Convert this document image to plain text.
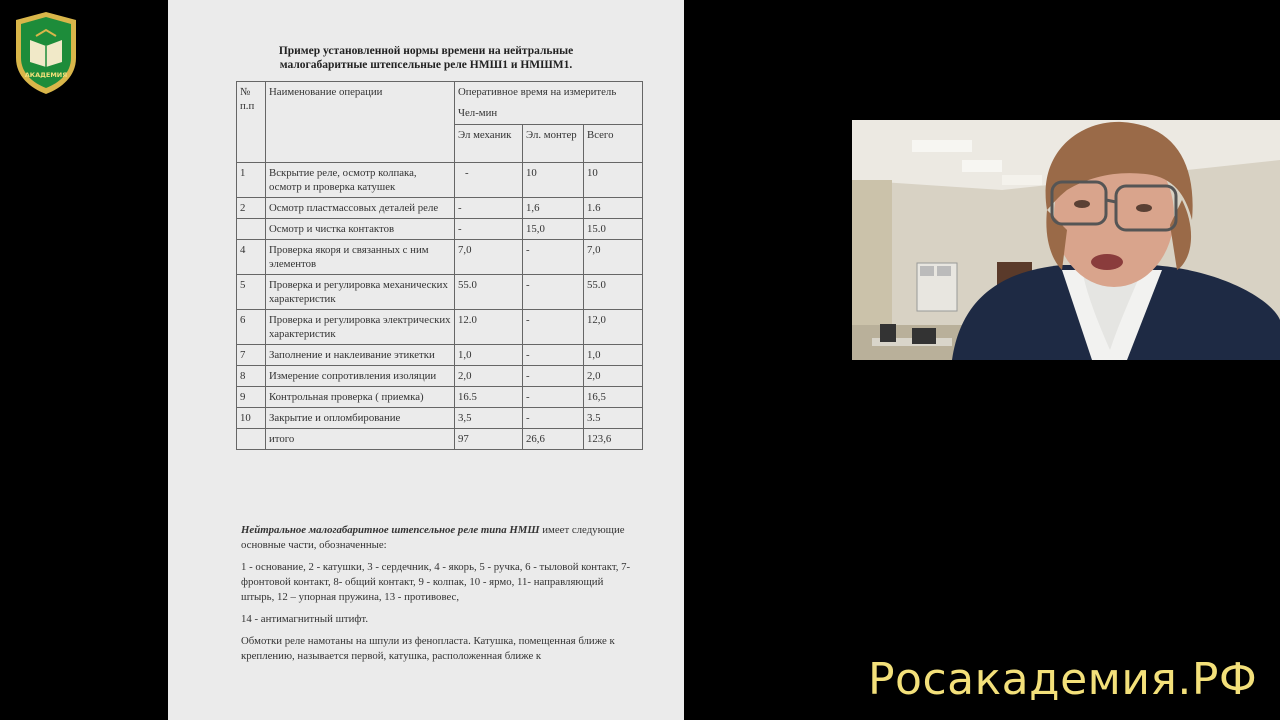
АКАДЕМИЯ
Пример установленной нормы времени на нейтральные
малогабаритные штепсельные реле НМШ1 и НМШМ1.
№ п.п	Наименование операции	Оперативное время на измеритель
Чел-мин		

		Эл механик	Эл. монтер	Всего
1	Вскрытие реле, осмотр колпака, осмотр и проверка катушек	-	10	10
2	Осмотр пластмассовых деталей реле	-	1,6	1.6
	Осмотр и чистка контактов	-	15,0	15.0
4	Проверка якоря и связанных с ним элементов	7,0	-	7,0
5	Проверка и регулировка механических характеристик	55.0	-	55.0
6	Проверка и регулировка электрических характеристик	12.0	-	12,0
7	Заполнение и наклеивание этикетки	1,0	-	1,0
8	Измерение сопротивления изоляции	2,0	-	2,0
9	Контрольная проверка ( приемка)	16.5	-	16,5
10	Закрытие и опломбирование	3,5	-	3.5
	итого	97	26,6	123,6

Нейтральное малогабаритное штепсельное реле типа НМШ имеет следующие основные части, обозначенные:

1 - основание, 2 - катушки, 3 - сердечник, 4 - якорь, 5 - ручка, 6 - тыловой контакт, 7- фронтовой контакт, 8- общий контакт, 9 - колпак, 10 - ярмо, 11- направляющий штырь, 12 – упорная пружина, 13 - противовес,

14 - антимагнитный штифт.

Обмотки реле намотаны на шпули из фенопласта. Катушка, помещенная ближе к креплению, называется первой, катушка, расположенная ближе к	Росакадемия.РФ
